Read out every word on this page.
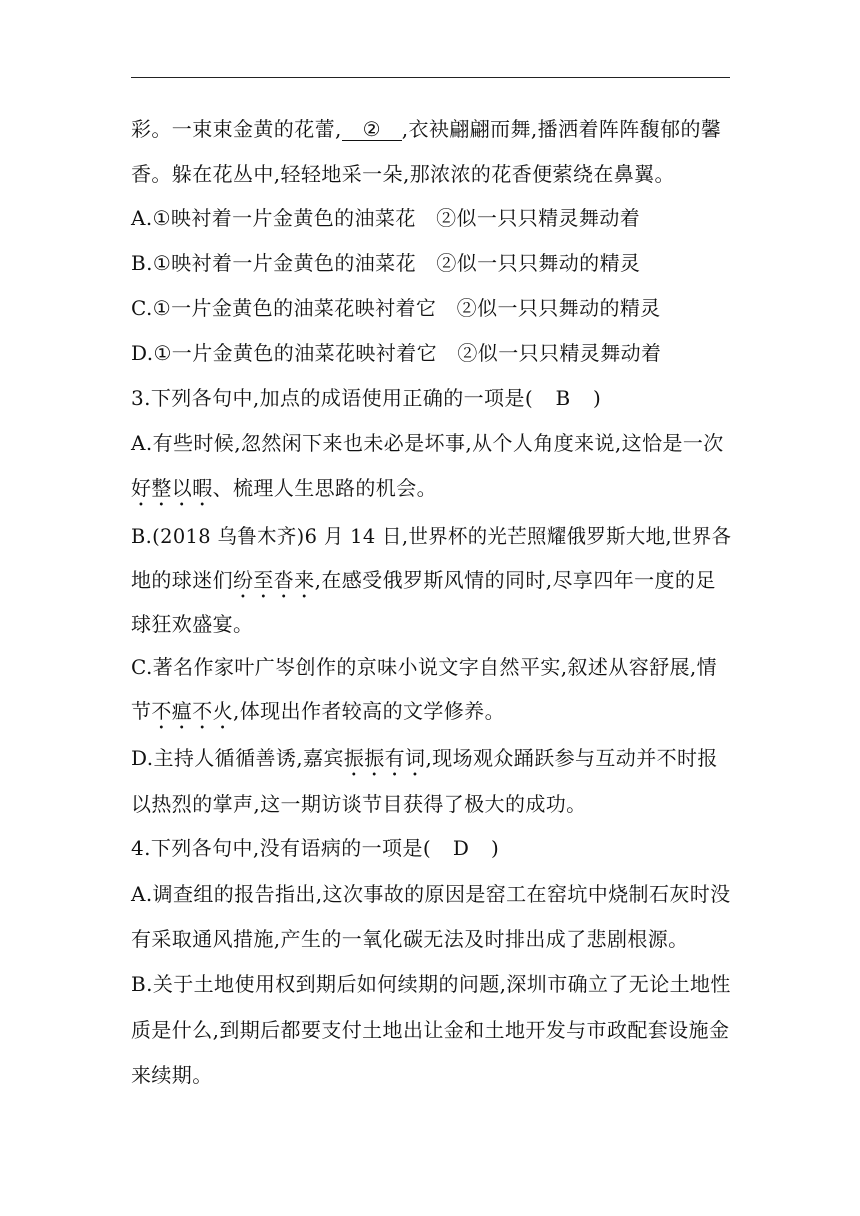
彩。一束束金黄的花蕾, ② ,衣袂翩翩而舞,播洒着阵阵馥郁的馨
香。躲在花丛中,轻轻地采一朵,那浓浓的花香便萦绕在鼻翼。
A.①映衬着一片金黄色的油菜花　②似一只只精灵舞动着
B.①映衬着一片金黄色的油菜花　②似一只只舞动的精灵
C.①一片金黄色的油菜花映衬着它　②似一只只舞动的精灵
D.①一片金黄色的油菜花映衬着它　②似一只只精灵舞动着
3.下列各句中,加点的成语使用正确的一项是( B )
A.有些时候,忽然闲下来也未必是坏事,从个人角度来说,这恰是一次
好整以暇、梳理人生思路的机会。
B.(2018 乌鲁木齐)6 月 14 日,世界杯的光芒照耀俄罗斯大地,世界各
地的球迷们纷至沓来,在感受俄罗斯风情的同时,尽享四年一度的足
球狂欢盛宴。
C.著名作家叶广岑创作的京味小说文字自然平实,叙述从容舒展,情
节不瘟不火,体现出作者较高的文学修养。
D.主持人循循善诱,嘉宾振振有词,现场观众踊跃参与互动并不时报
以热烈的掌声,这一期访谈节目获得了极大的成功。
4.下列各句中,没有语病的一项是( D )
A.调查组的报告指出,这次事故的原因是窑工在窑坑中烧制石灰时没
有采取通风措施,产生的一氧化碳无法及时排出成了悲剧根源。
B.关于土地使用权到期后如何续期的问题,深圳市确立了无论土地性
质是什么,到期后都要支付土地出让金和土地开发与市政配套设施金
来续期。
